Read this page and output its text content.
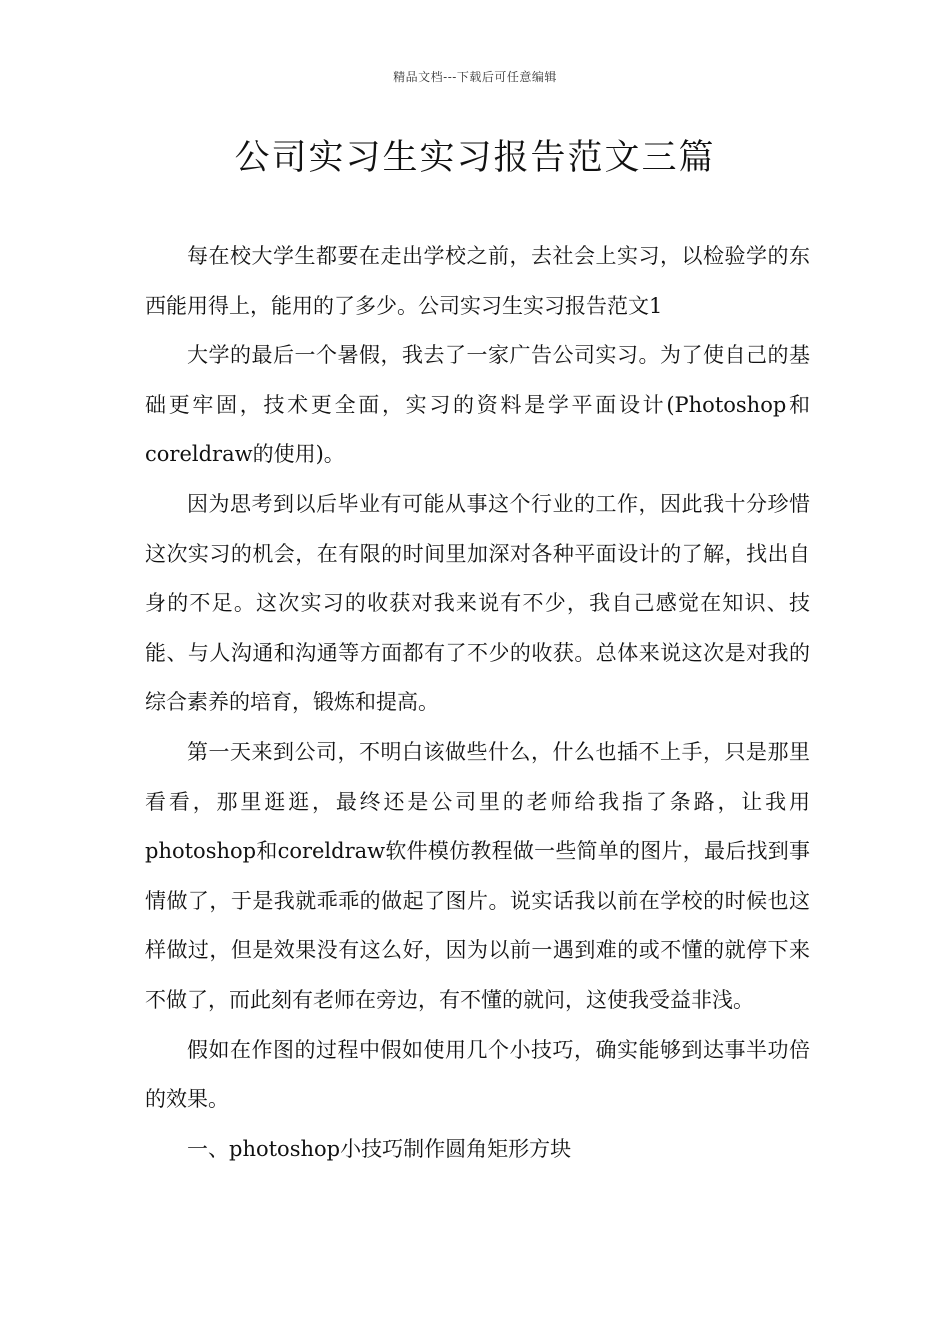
精品文档---下载后可任意编辑
公司实习生实习报告范文三篇

每在校大学生都要在走出学校之前，去社会上实习，以检验学的东西能用得上，能用的了多少。公司实习生实习报告范文1

大学的最后一个暑假，我去了一家广告公司实习。为了使自己的基础更牢固，技术更全面，实习的资料是学平面设计(Photoshop和coreldraw的使用)。

因为思考到以后毕业有可能从事这个行业的工作，因此我十分珍惜这次实习的机会，在有限的时间里加深对各种平面设计的了解，找出自身的不足。这次实习的收获对我来说有不少，我自己感觉在知识、技能、与人沟通和沟通等方面都有了不少的收获。总体来说这次是对我的综合素养的培育，锻炼和提高。

第一天来到公司，不明白该做些什么，什么也插不上手，只是那里看看，那里逛逛，最终还是公司里的老师给我指了条路，让我用photoshop和coreldraw软件模仿教程做一些简单的图片，最后找到事情做了，于是我就乖乖的做起了图片。说实话我以前在学校的时候也这样做过，但是效果没有这么好，因为以前一遇到难的或不懂的就停下来不做了，而此刻有老师在旁边，有不懂的就问，这使我受益非浅。

假如在作图的过程中假如使用几个小技巧，确实能够到达事半功倍的效果。

一、photoshop小技巧制作圆角矩形方块
